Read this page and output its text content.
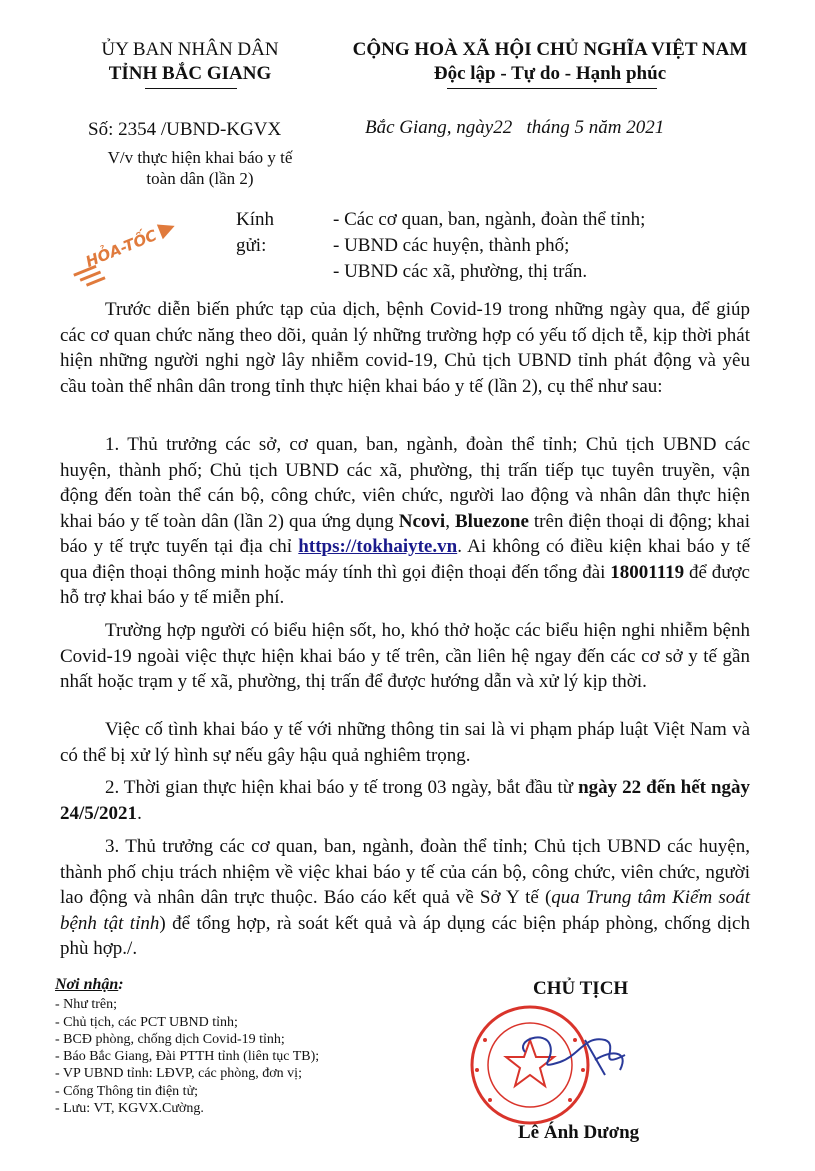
ỦY BAN NHÂN DÂN
TỈNH BẮC GIANG
CỘNG HOÀ XÃ HỘI CHỦ NGHĨA VIỆT NAM
Độc lập - Tự do - Hạnh phúc
Số: 2354 /UBND-KGVX	Bắc Giang, ngày22   tháng 5 năm 2021
V/v thực hiện khai báo y tế
toàn dân (lần 2)
HỎA-TỐC
Kính gửi:
- Các cơ quan, ban, ngành, đoàn thể tỉnh;
- UBND các huyện, thành phố;
- UBND các xã, phường, thị trấn.
Trước diễn biến phức tạp của dịch, bệnh Covid-19 trong những ngày qua, để giúp các cơ quan chức năng theo dõi, quản lý những trường hợp có yếu tố dịch tễ, kịp thời phát hiện những người nghi ngờ lây nhiễm covid-19, Chủ tịch UBND tỉnh phát động và yêu cầu toàn thể nhân dân trong tỉnh thực hiện khai báo y tế (lần 2), cụ thể như sau:
1. Thủ trưởng các sở, cơ quan, ban, ngành, đoàn thể tỉnh; Chủ tịch UBND các huyện, thành phố; Chủ tịch UBND các xã, phường, thị trấn tiếp tục tuyên truyền, vận động đến toàn thể cán bộ, công chức, viên chức, người lao động và nhân dân thực hiện khai báo y tế toàn dân (lần 2) qua ứng dụng Ncovi, Bluezone trên điện thoại di động; khai báo y tế trực tuyến tại địa chỉ https://tokhaiyte.vn. Ai không có điều kiện khai báo y tế qua điện thoại thông minh hoặc máy tính thì gọi điện thoại đến tổng đài 18001119 để được hỗ trợ khai báo y tế miễn phí.
Trường hợp người có biểu hiện sốt, ho, khó thở hoặc các biểu hiện nghi nhiễm bệnh Covid-19 ngoài việc thực hiện khai báo y tế trên, cần liên hệ ngay đến các cơ sở y tế gần nhất hoặc trạm y tế xã, phường, thị trấn để được hướng dẫn và xử lý kịp thời.
Việc cố tình khai báo y tế với những thông tin sai là vi phạm pháp luật Việt Nam và có thể bị xử lý hình sự nếu gây hậu quả nghiêm trọng.
2. Thời gian thực hiện khai báo y tế trong 03 ngày, bắt đầu từ ngày 22 đến hết ngày 24/5/2021.
3. Thủ trưởng các cơ quan, ban, ngành, đoàn thể tỉnh; Chủ tịch UBND các huyện, thành phố chịu trách nhiệm về việc khai báo y tế của cán bộ, công chức, viên chức, người lao động và nhân dân trực thuộc. Báo cáo kết quả về Sở Y tế (qua Trung tâm Kiểm soát bệnh tật tỉnh) để tổng hợp, rà soát kết quả và áp dụng các biện pháp phòng, chống dịch phù hợp./.
Nơi nhận:
- Như trên;
- Chủ tịch, các PCT UBND tỉnh;
- BCĐ phòng, chống dịch Covid-19 tỉnh;
- Báo Bắc Giang, Đài PTTH tỉnh (liên tục TB);
- VP UBND tỉnh: LĐVP, các phòng, đơn vị;
- Cổng Thông tin điện tử;
- Lưu: VT, KGVX.Cường.
CHỦ TỊCH
Lê Ánh Dương
